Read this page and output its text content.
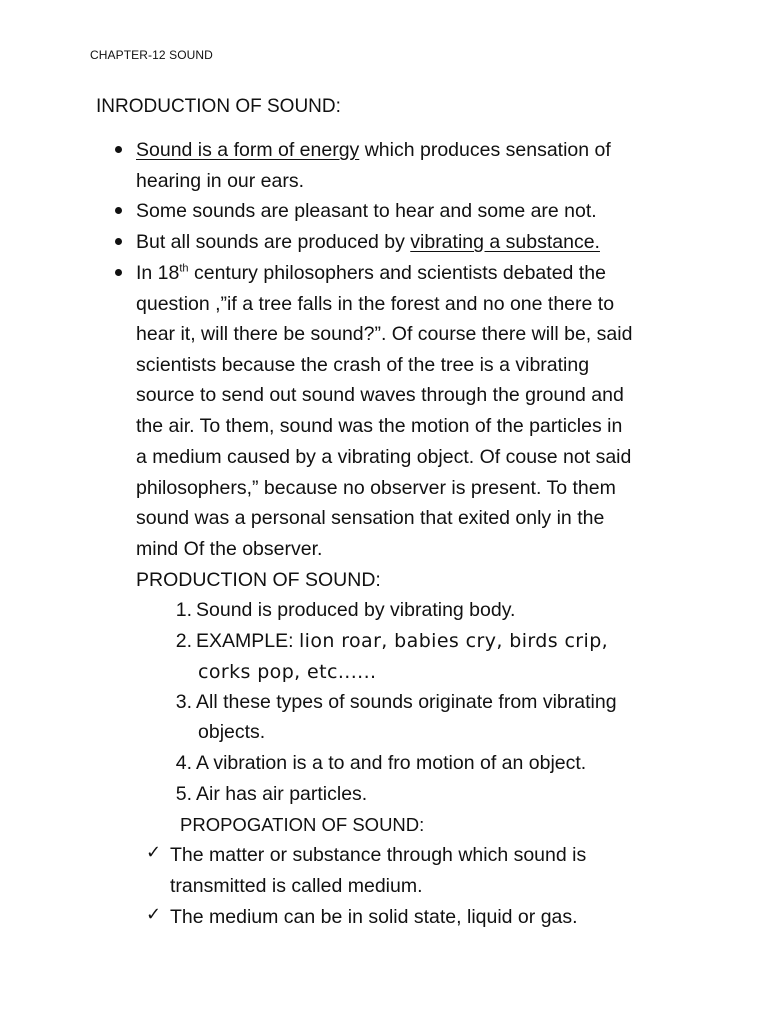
CHAPTER-12 SOUND
INRODUCTION OF SOUND:
Sound is a form of energy which produces sensation of
hearing in our ears.
Some sounds are pleasant to hear and some are not.
But all sounds are produced by vibrating a substance.
In 18th century philosophers and scientists debated the
question ,”if a tree falls in the forest and no one there to
hear it, will there be sound?”. Of course there will be, said
scientists because the crash of the tree is a vibrating
source to send out sound waves through the ground and
the air. To them, sound was the motion of the particles in
a medium caused by a vibrating object. Of couse not said
philosophers,” because no observer is present. To them
sound was a personal sensation that exited only in the
mind Of the observer.
PRODUCTION OF SOUND:
1. Sound is produced by vibrating body.
2. EXAMPLE: lion roar, babies cry, birds crip,
corks pop, etc......
3. All these types of sounds originate from vibrating
objects.
4. A vibration is a to and fro motion of an object.
5. Air has air particles.
PROPOGATION OF SOUND:
✓ The matter or substance through which sound is
transmitted is called medium.
✓ The medium can be in solid state, liquid or gas.
